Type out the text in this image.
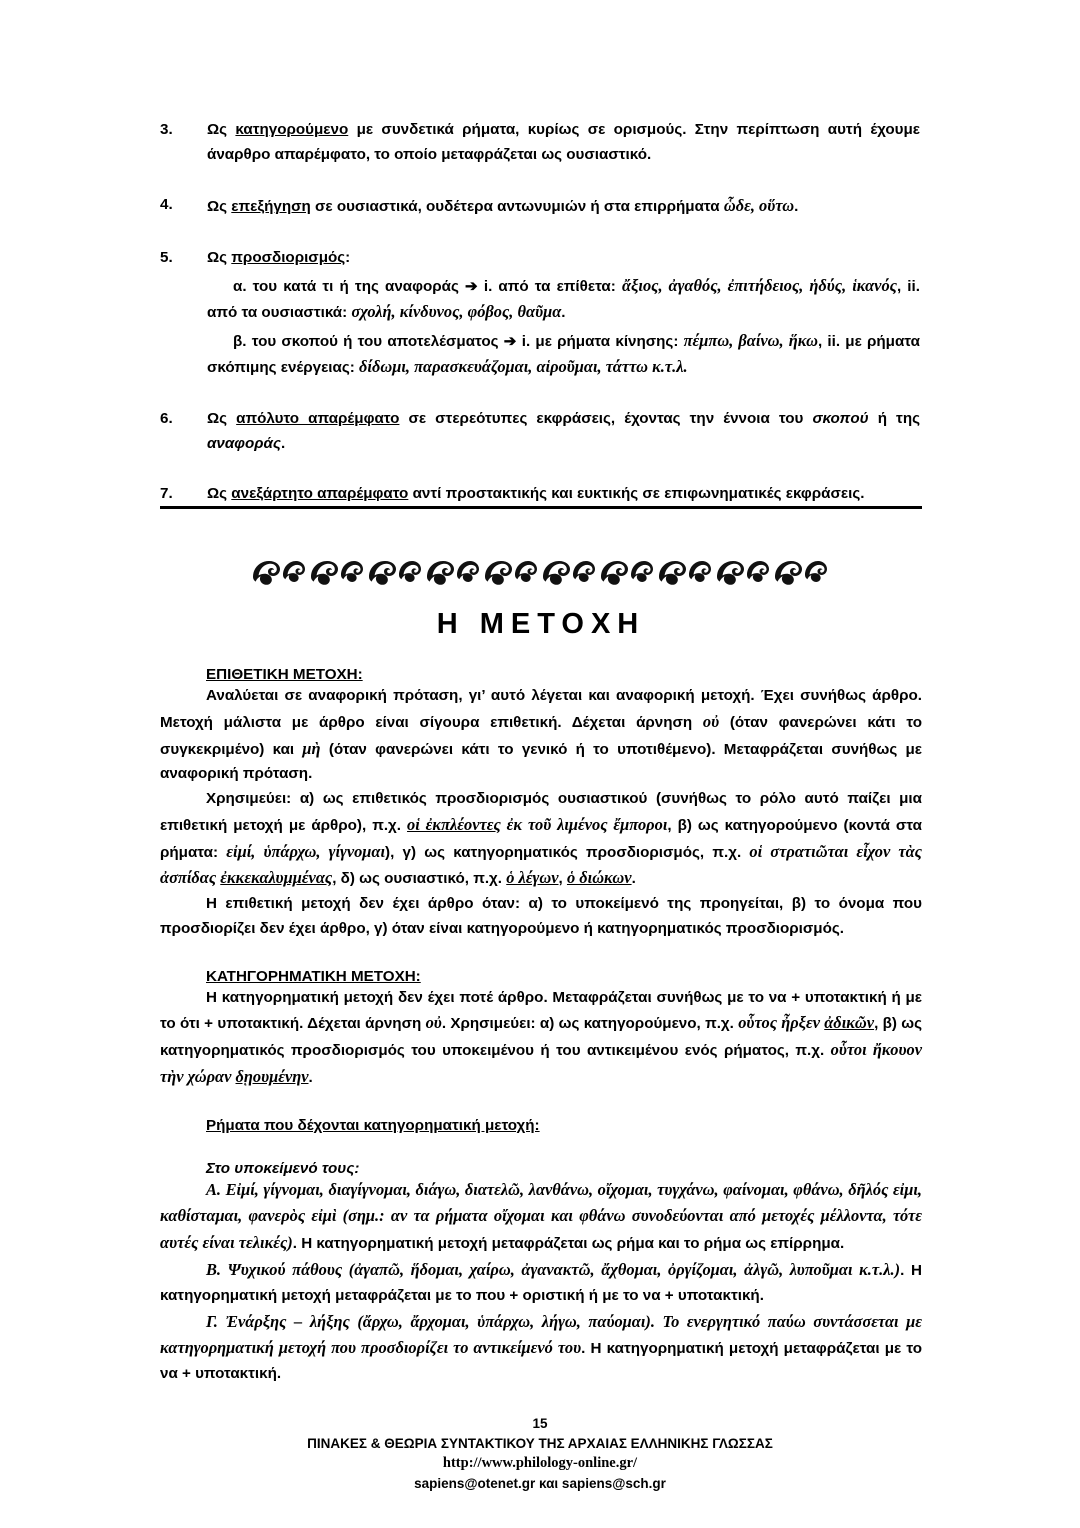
3.	Ως κατηγορούμενο με συνδετικά ρήματα, κυρίως σε ορισμούς. Στην περίπτωση αυτή έχουμε άναρθρο απαρέμφατο, το οποίο μεταφράζεται ως ουσιαστικό.
4.	Ως επεξήγηση σε ουσιαστικά, ουδέτερα αντωνυμιών ή στα επιρρήματα ὧδε, οὕτω.
5.	Ως προσδιορισμός:
α. του κατά τι ή της αναφοράς ➔ i. από τα επίθετα: ἄξιος, ἀγαθός, ἐπιτήδειος, ἡδύς, ἱκανός, ii. από τα ουσιαστικά: σχολή, κίνδυνος, φόβος, θαῦμα.
β. του σκοπού ή του αποτελέσματος ➔ i. με ρήματα κίνησης: πέμπω, βαίνω, ἥκω, ii. με ρήματα σκόπιμης ενέργειας: δίδωμι, παρασκευάζομαι, αἱροῦμαι, τάττω κ.τ.λ.
6.	Ως απόλυτο απαρέμφατο σε στερεότυπες εκφράσεις, έχοντας την έννοια του σκοπού ή της αναφοράς.
7.	Ως ανεξάρτητο απαρέμφατο αντί προστακτικής και ευκτικής σε επιφωνηματικές εκφράσεις.
Η ΜΕΤΟΧΗ
ΕΠΙΘΕΤΙΚΗ ΜΕΤΟΧΗ:

Αναλύεται σε αναφορική πρόταση, γι’ αυτό λέγεται και αναφορική μετοχή. Έχει συνήθως άρθρο. Μετοχή μάλιστα με άρθρο είναι σίγουρα επιθετική. Δέχεται άρνηση οὐ (όταν φανερώνει κάτι το συγκεκριμένο) και μὴ (όταν φανερώνει κάτι το γενικό ή το υποτιθέμενο). Μεταφράζεται συνήθως με αναφορική πρόταση.

Χρησιμεύει: α) ως επιθετικός προσδιορισμός ουσιαστικού (συνήθως το ρόλο αυτό παίζει μια επιθετική μετοχή με άρθρο), π.χ. οἱ ἐκπλέοντες ἐκ τοῦ λιμένος ἔμποροι, β) ως κατηγορούμενο (κοντά στα ρήματα: εἰμί, ὑπάρχω, γίγνομαι), γ) ως κατηγορηματικός προσδιορισμός, π.χ. οἱ στρατιῶται εἶχον τὰς ἀσπίδας ἐκκεκαλυμμένας, δ) ως ουσιαστικό, π.χ. ὁ λέγων, ὁ διώκων.

Η επιθετική μετοχή δεν έχει άρθρο όταν: α) το υποκείμενό της προηγείται, β) το όνομα που προσδιορίζει δεν έχει άρθρο, γ) όταν είναι κατηγορούμενο ή κατηγορηματικός προσδιορισμός.

ΚΑΤΗΓΟΡΗΜΑΤΙΚΗ ΜΕΤΟΧΗ:

Η κατηγορηματική μετοχή δεν έχει ποτέ άρθρο. Μεταφράζεται συνήθως με το να + υποτακτική ή με το ότι + υποτακτική. Δέχεται άρνηση οὐ. Χρησιμεύει: α) ως κατηγορούμενο, π.χ. οὗτος ἦρξεν ἀδικῶν, β) ως κατηγορηματικός προσδιορισμός του υποκειμένου ή του αντικειμένου ενός ρήματος, π.χ. οὗτοι ἤκουον τὴν χώραν δῃουμένην.

Ρήματα που δέχονται κατηγορηματική μετοχή:
Στο υποκείμενό τους:

Α. Εἰμί, γίγνομαι, διαγίγνομαι, διάγω, διατελῶ, λανθάνω, οἴχομαι, τυγχάνω, φαίνομαι, φθάνω, δῆλός εἰμι, καθίσταμαι, φανερὸς εἰμὶ (σημ.: αν τα ρήματα οἴχομαι και φθάνω συνοδεύονται από μετοχές μέλλοντα, τότε αυτές είναι τελικές). Η κατηγορηματική μετοχή μεταφράζεται ως ρήμα και το ρήμα ως επίρρημα.

Β. Ψυχικού πάθους (ἀγαπῶ, ἥδομαι, χαίρω, ἀγανακτῶ, ἄχθομαι, ὀργίζομαι, ἀλγῶ, λυποῦμαι κ.τ.λ.). Η κατηγορηματική μετοχή μεταφράζεται με το που + οριστική ή με το να + υποτακτική.

Γ. Ἐνάρξης – λήξης (ἄρχω, ἄρχομαι, ὑπάρχω, λήγω, παύομαι). Το ενεργητικό παύω συντάσσεται με κατηγορηματική μετοχή που προσδιορίζει το αντικείμενό του. Η κατηγορηματική μετοχή μεταφράζεται με το να + υποτακτική.

15
ΠΙΝΑΚΕΣ & ΘΕΩΡΙΑ ΣΥΝΤΑΚΤΙΚΟΥ ΤΗΣ ΑΡΧΑΙΑΣ ΕΛΛΗΝΙΚΗΣ ΓΛΩΣΣΑΣ
http://www.philology-online.gr/
sapiens@otenet.gr και sapiens@sch.gr
